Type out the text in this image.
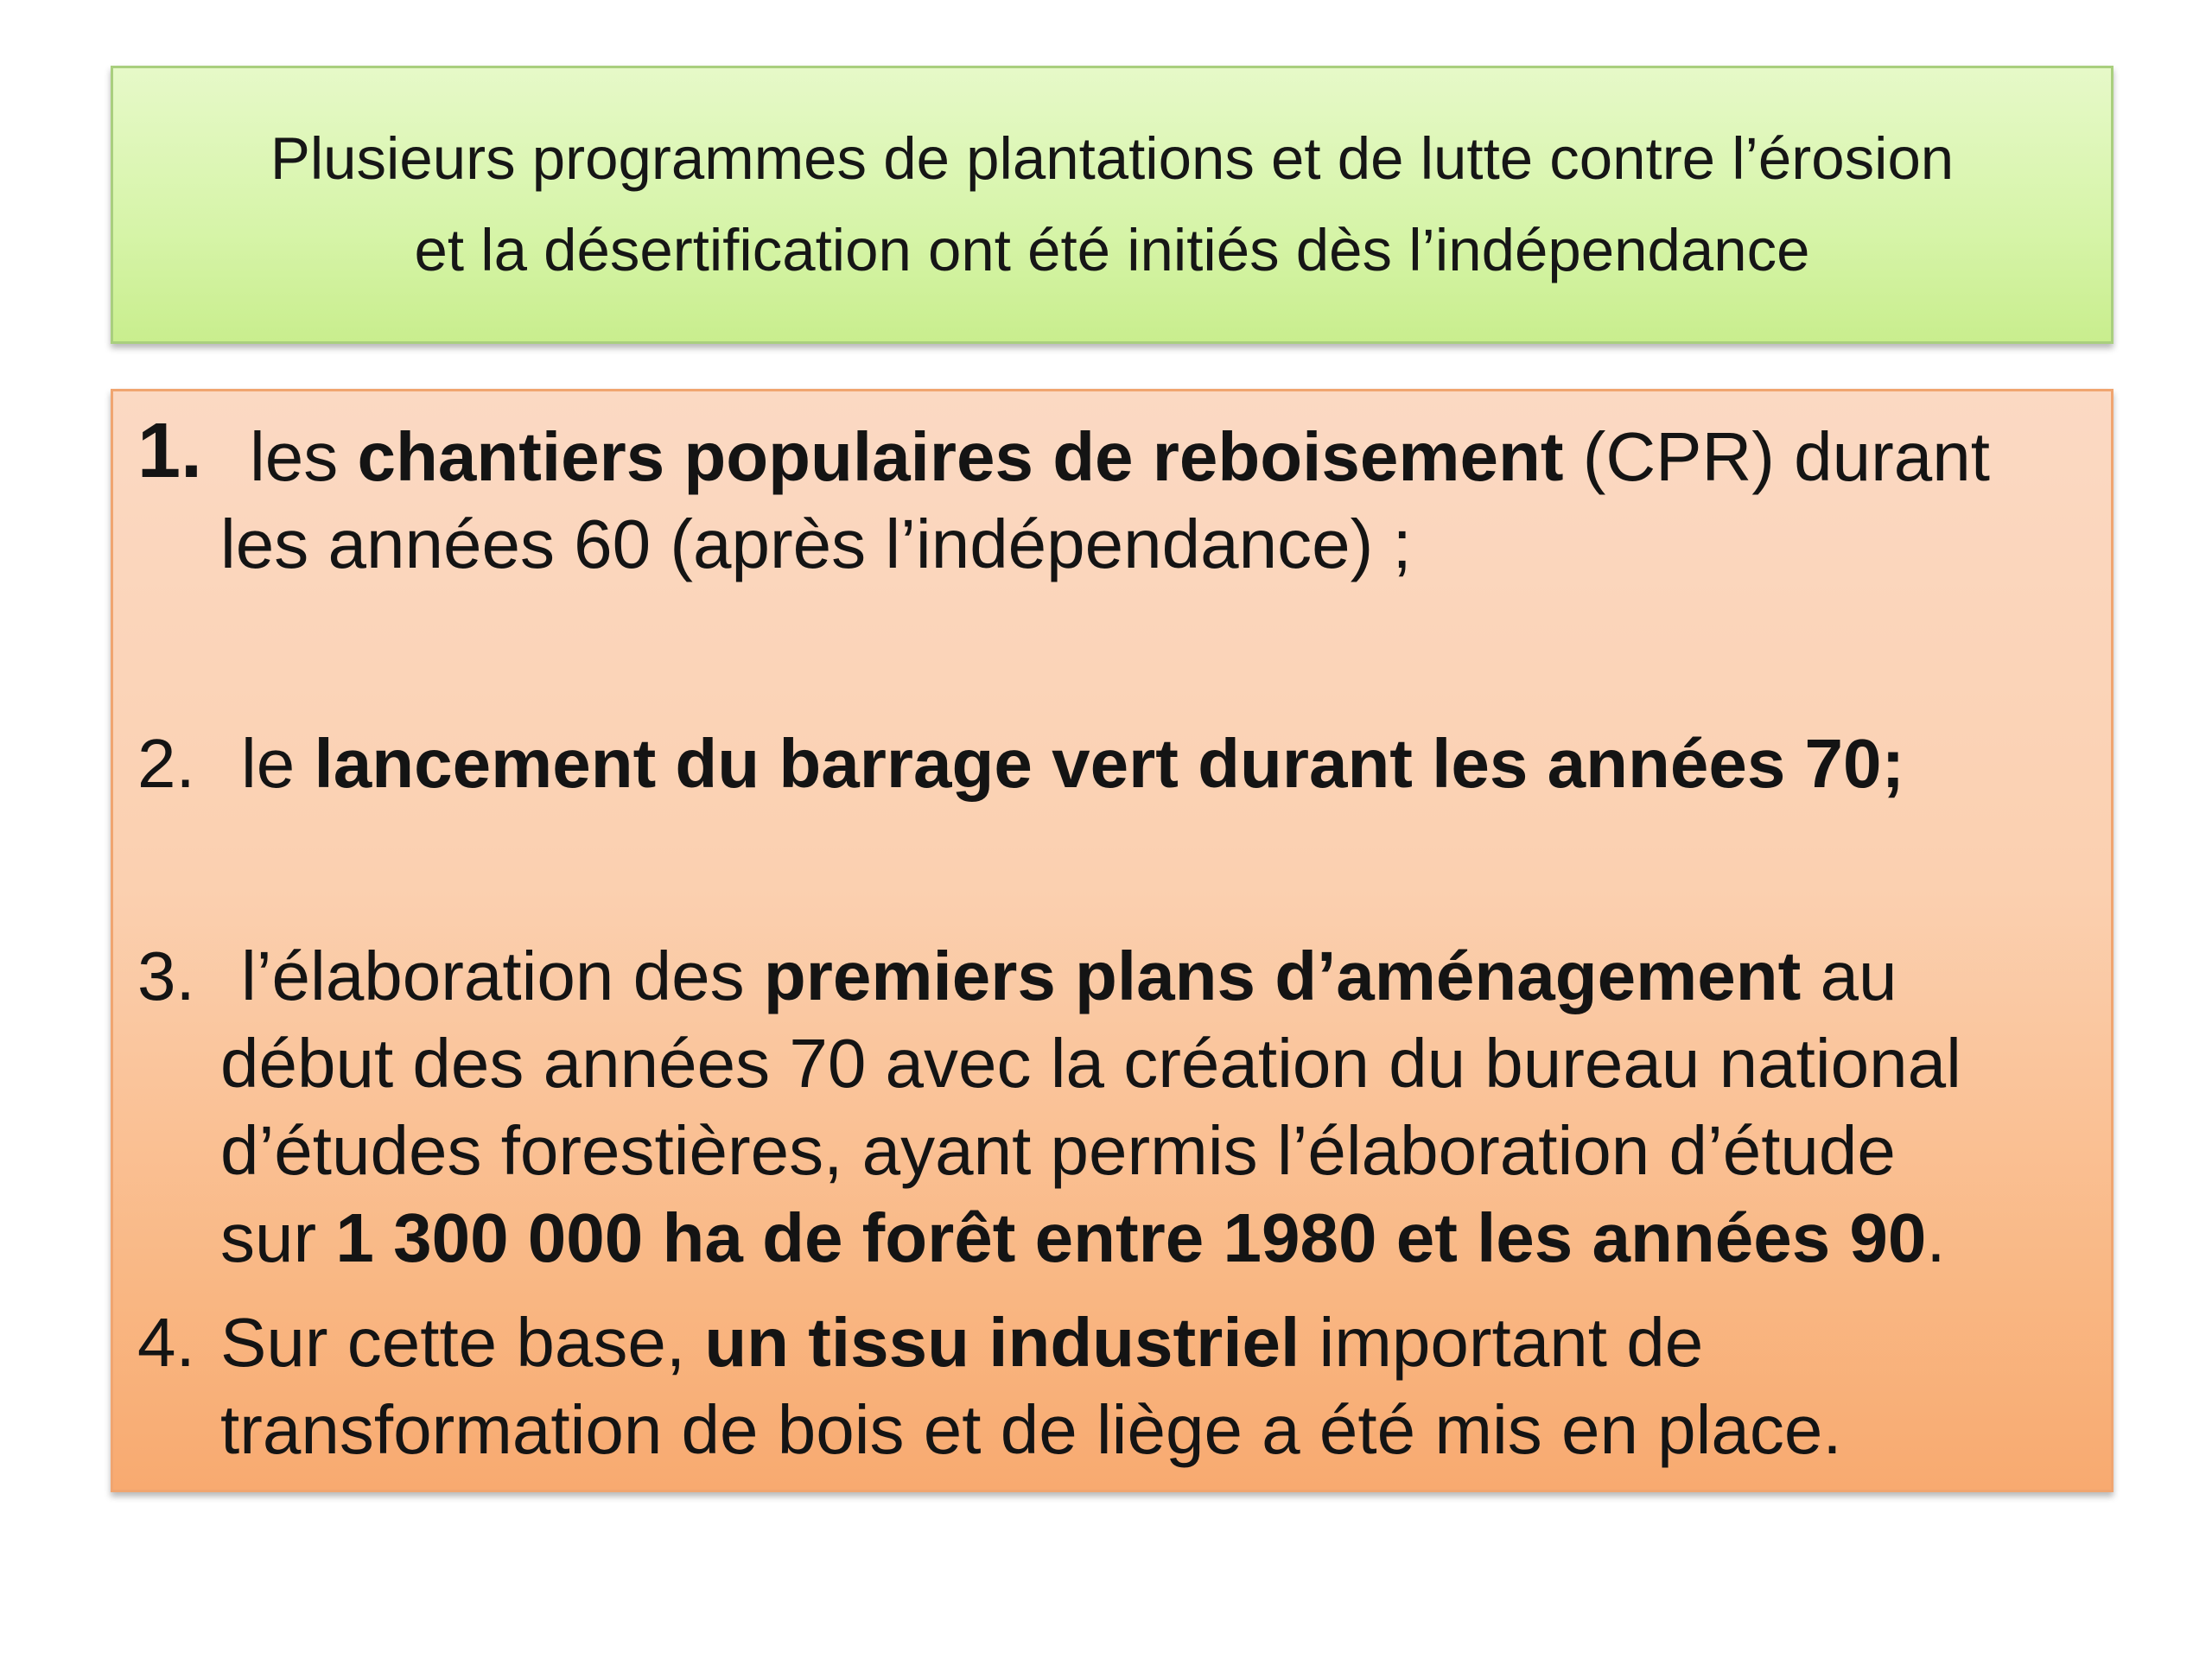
Plusieurs programmes de plantations et de lutte contre l’érosion
et la désertification ont été initiés dès l’indépendance

1. les chantiers populaires de reboisement (CPR) durant
les années 60 (après l’indépendance) ;
2. le lancement du barrage vert durant les années 70;
3. l’élaboration des premiers plans d’aménagement au
début des années 70 avec la création du bureau national
d’études forestières, ayant permis l’élaboration d’étude
sur 1 300 000 ha de forêt entre 1980 et les années 90.
4. Sur cette base, un tissu industriel important de
transformation de bois et de liège a été mis en place.
